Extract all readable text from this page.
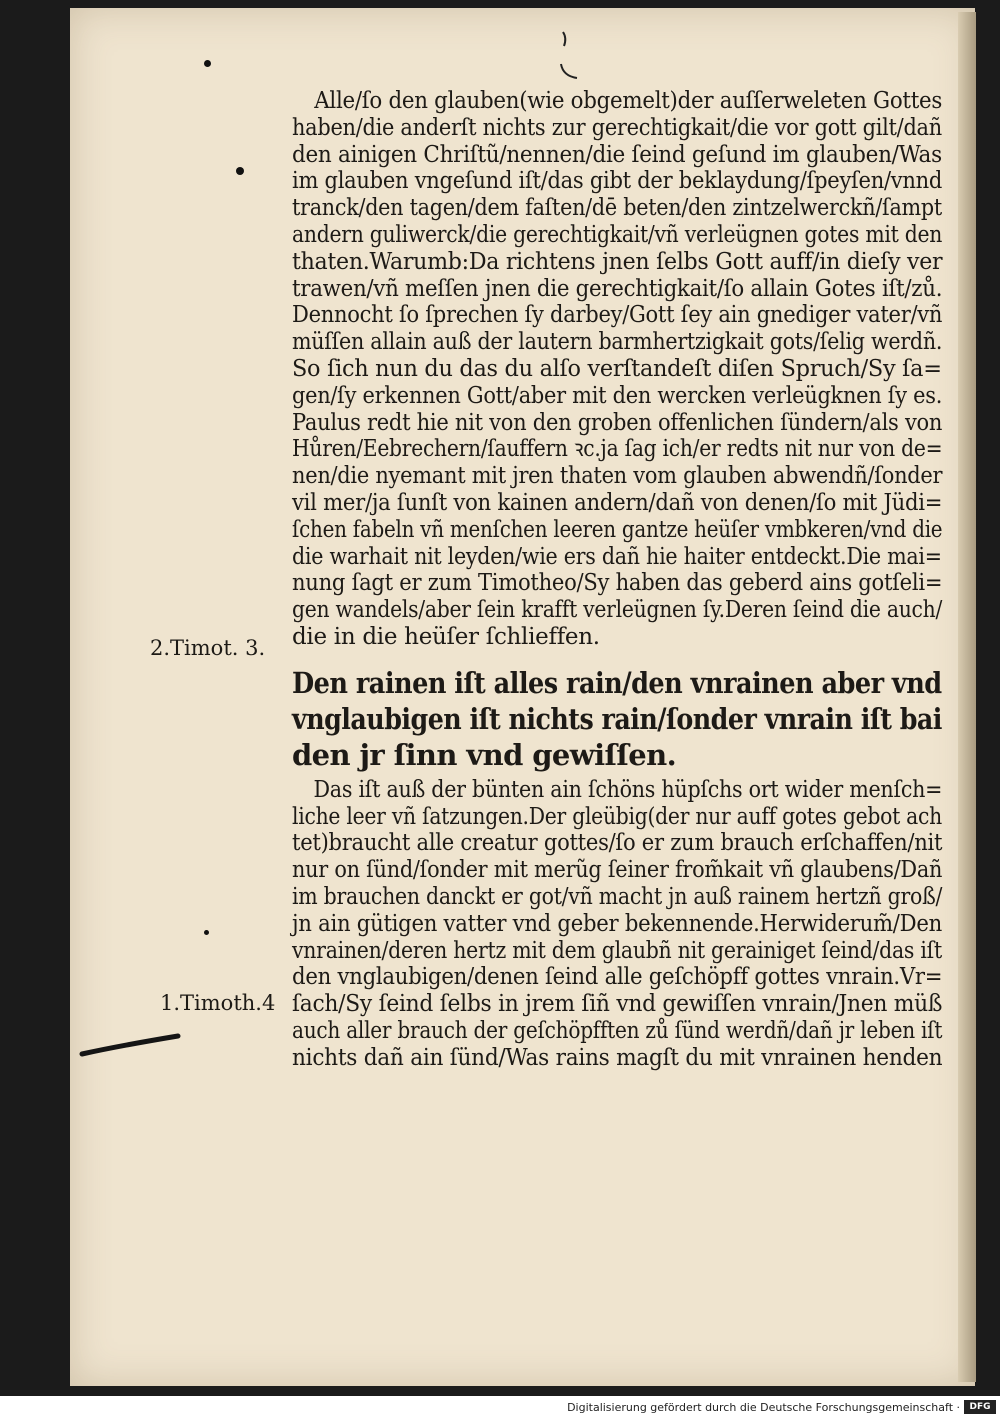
2.Timot. 3.
1.Timoth.4
Alle/ſo den glauben(wie obgemelt)der auſſerweleten Gottes
haben/die anderſt nichts zur gerechtigkait/die vor gott gilt/dañ
den ainigen Chriſtũ/nennen/die ſeind geſund im glauben/Was
im glauben vngeſund iſt/das gibt der beklaydung/ſpeyſen/vnnd
tranck/den tagen/dem faſten/dē beten/den zintzelwerckñ/ſampt
andern guliwerck/die gerechtigkait/vñ verleügnen gotes mit den
thaten.Warumb:Da richtens jnen ſelbs Gott auff/in dieſy ver
trawen/vñ meſſen jnen die gerechtigkait/ſo allain Gotes iſt/zů.
Dennocht ſo ſprechen ſy darbey/Gott ſey ain gnediger vater/vñ
müſſen allain auß der lautern barmhertzigkait gots/ſelig werdñ.
So ſich nun du das du alſo verſtandeſt diſen Spruch/Sy ſa=
gen/ſy erkennen Gott/aber mit den wercken verleügknen ſy es.
Paulus redt hie nit von den groben offenlichen ſündern/als von
Hůren/Eebrechern/ſauffern ꝛc.ja ſag ich/er redts nit nur von de=
nen/die nyemant mit jren thaten vom glauben abwendñ/ſonder
vil mer/ja ſunſt von kainen andern/dañ von denen/ſo mit Jüdi=
ſchen fabeln vñ menſchen leeren gantze heüſer vmbkeren/vnd die
die warhait nit leyden/wie ers dañ hie haiter entdeckt.Die mai=
nung ſagt er zum Timotheo/Sy haben das geberd ains gotſeli=
gen wandels/aber ſein krafft verleügnen ſy.Deren ſeind die auch/
die in die heüſer ſchlieffen.
Den rainen iſt alles rain/den vnrainen aber vnd
vnglaubigen iſt nichts rain/ſonder vnrain iſt bai
den jr ſinn vnd gewiſſen.
Das iſt auß der bünten ain ſchöns hüpſchs ort wider menſch=
liche leer vñ ſatzungen.Der gleübig(der nur auff gotes gebot ach
tet)braucht alle creatur gottes/ſo er zum brauch erſchaffen/nit
nur on ſünd/ſonder mit merũg ſeiner from̃kait vñ glaubens/Dañ
im brauchen danckt er got/vñ macht jn auß rainem hertzñ groß/
jn ain gütigen vatter vnd geber bekennende.Herwiderum̃/Den
vnrainen/deren hertz mit dem glaubñ nit gerainiget ſeind/das iſt
den vnglaubigen/denen ſeind alle geſchöpff gottes vnrain.Vr=
ſach/Sy ſeind ſelbs in jrem ſiñ vnd gewiſſen vnrain/Jnen müß
auch aller brauch der geſchöpfften zů ſünd werdñ/dañ jr leben iſt
nichts dañ ain ſünd/Was rains magſt du mit vnrainen henden
Digitalisierung gefördert durch die Deutsche Forschungsgemeinschaft ·	DFG
